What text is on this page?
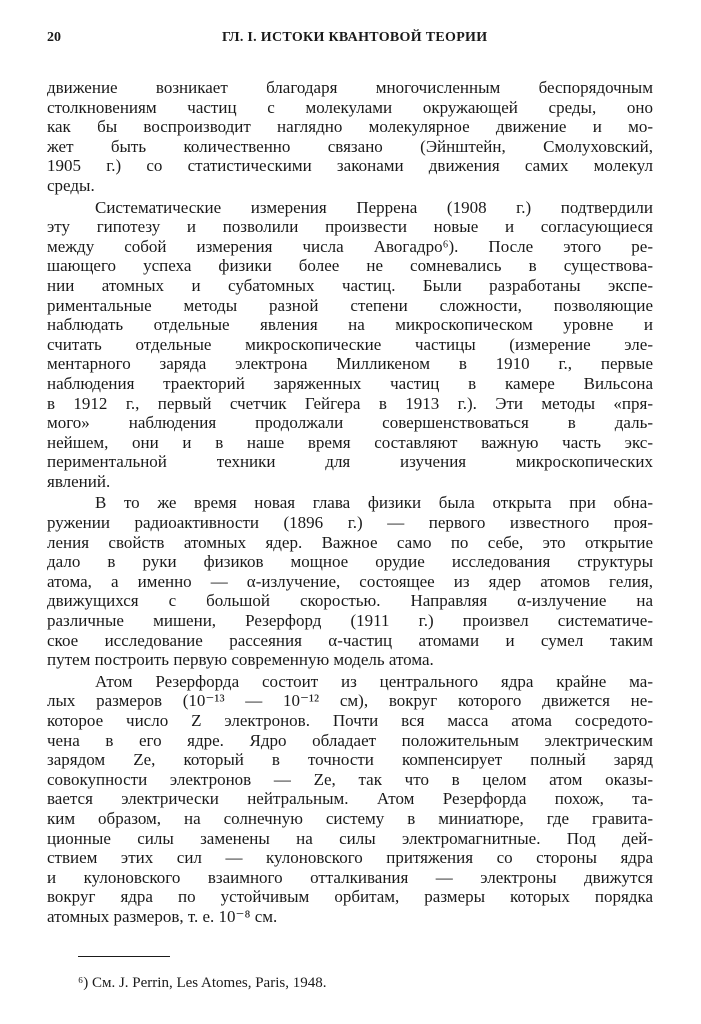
20	ГЛ. I. ИСТОКИ КВАНТОВОЙ ТЕОРИИ

движение возникает благодаря многочисленным беспорядочным
столкновениям частиц с молекулами окружающей среды, оно
как бы воспроизводит наглядно молекулярное движение и мо-
жет быть количественно связано (Эйнштейн, Смолуховский,
1905 г.) со статистическими законами движения самих молекул
среды.

Систематические измерения Перрена (1908 г.) подтвердили
эту гипотезу и позволили произвести новые и согласующиеся
между собой измерения числа Авогадро⁶). После этого ре-
шающего успеха физики более не сомневались в существова-
нии атомных и субатомных частиц. Были разработаны экспе-
риментальные методы разной степени сложности, позволяющие
наблюдать отдельные явления на микроскопическом уровне и
считать отдельные микроскопические частицы (измерение эле-
ментарного заряда электрона Милликеном в 1910 г., первые
наблюдения траекторий заряженных частиц в камере Вильсона
в 1912 г., первый счетчик Гейгера в 1913 г.). Эти методы «пря-
мого» наблюдения продолжали совершенствоваться в даль-
нейшем, они и в наше время составляют важную часть экс-
периментальной техники для изучения микроскопических
явлений.

В то же время новая глава физики была открыта при обна-
ружении радиоактивности (1896 г.) — первого известного проя-
ления свойств атомных ядер. Важное само по себе, это открытие
дало в руки физиков мощное орудие исследования структуры
атома, а именно — α-излучение, состоящее из ядер атомов гелия,
движущихся с большой скоростью. Направляя α-излучение на
различные мишени, Резерфорд (1911 г.) произвел систематиче-
ское исследование рассеяния α-частиц атомами и сумел таким
путем построить первую современную модель атома.

Атом Резерфорда состоит из центрального ядра крайне ма-
лых размеров (10⁻¹³ — 10⁻¹² см), вокруг которого движется не-
которое число Z электронов. Почти вся масса атома сосредото-
чена в его ядре. Ядро обладает положительным электрическим
зарядом Ze, который в точности компенсирует полный заряд
совокупности электронов — Ze, так что в целом атом оказы-
вается электрически нейтральным. Атом Резерфорда похож, та-
ким образом, на солнечную систему в миниатюре, где гравита-
ционные силы заменены на силы электромагнитные. Под дей-
ствием этих сил — кулоновского притяжения со стороны ядра
и кулоновского взаимного отталкивания — электроны движутся
вокруг ядра по устойчивым орбитам, размеры которых порядка
атомных размеров, т. е. 10⁻⁸ см.

⁶) См. J. Perrin, Les Atomes, Paris, 1948.
